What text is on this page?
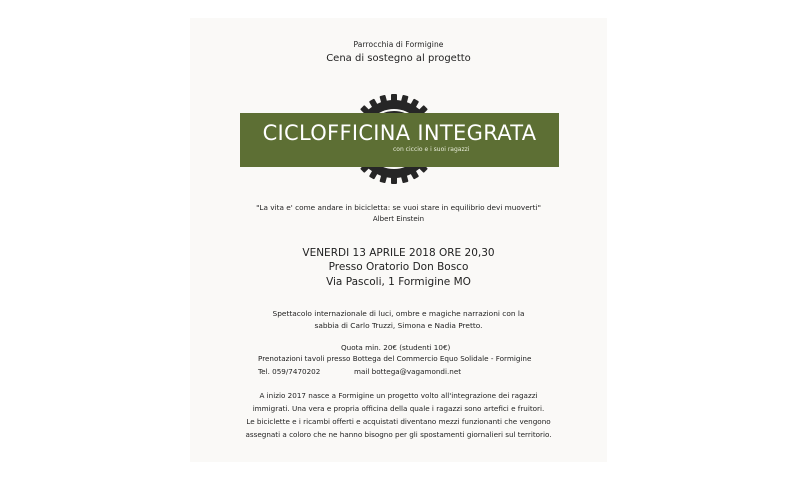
Parrocchia di Formigine
Cena di sostegno al progetto
CICLOFFICINA INTEGRATA
con ciccio e i suoi ragazzi
"La vita e' come andare in bicicletta: se vuoi stare in equilibrio devi muoverti"
Albert Einstein
VENERDI 13 APRILE 2018 ORE 20,30
Presso Oratorio Don Bosco
Via Pascoli, 1 Formigine MO
Spettacolo internazionale di luci, ombre e magiche narrazioni con la
sabbia di Carlo Truzzi, Simona e Nadia Pretto.
Quota min. 20€ (studenti 10€)
Prenotazioni tavoli presso Bottega del Commercio Equo Solidale - Formigine
Tel. 059/7470202	mail bottega@vagamondi.net
A inizio 2017 nasce a Formigine un progetto volto all'integrazione dei ragazzi
immigrati. Una vera e propria officina della quale i ragazzi sono artefici e fruitori.
Le biciclette e i ricambi offerti e acquistati diventano mezzi funzionanti che vengono
assegnati a coloro che ne hanno bisogno per gli spostamenti giornalieri sul territorio.
